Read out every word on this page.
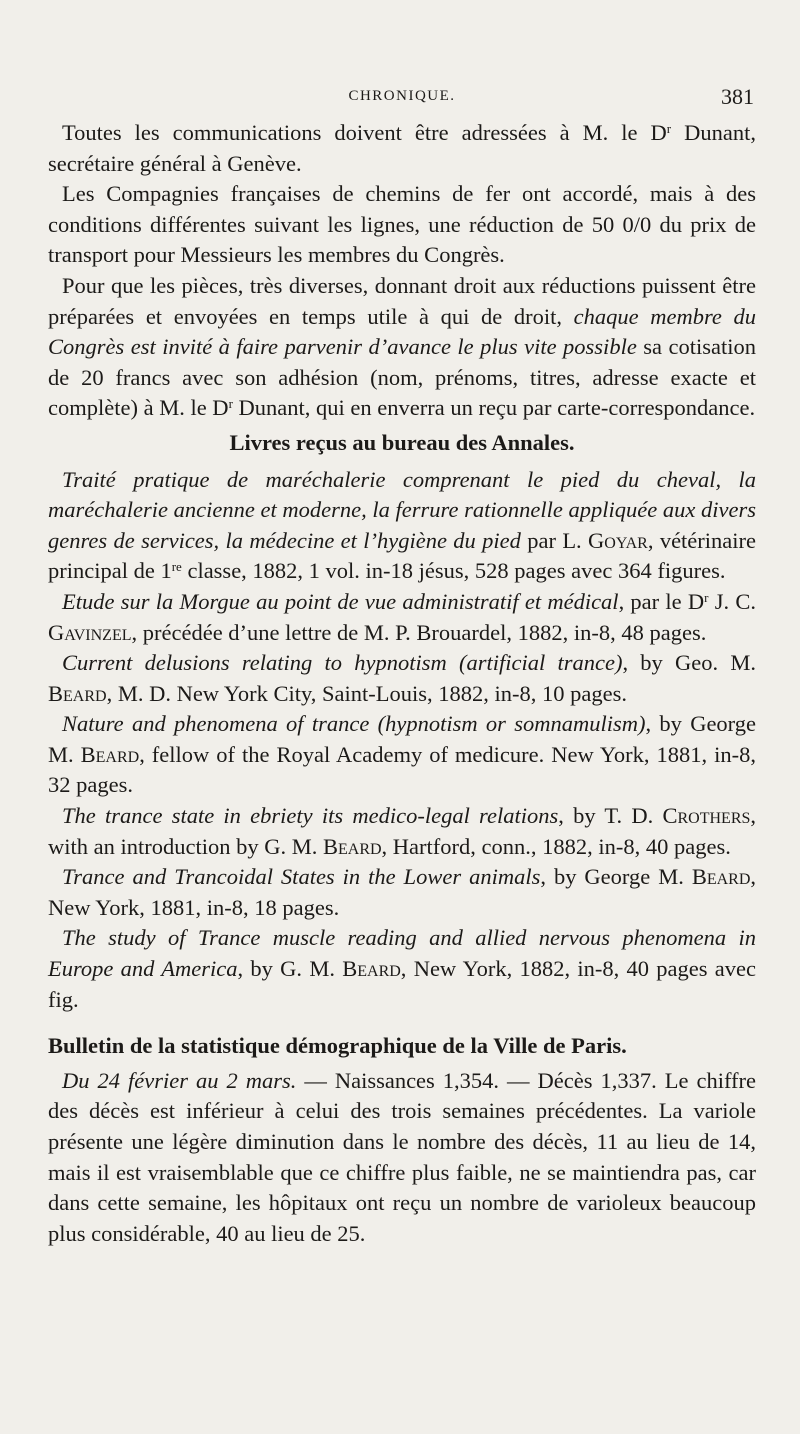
CHRONIQUE.	381

Toutes les communications doivent être adressées à M. le $D^r$ Dunant, secrétaire général à Genève.

Les Compagnies françaises de chemins de fer ont accordé, mais à des conditions différentes suivant les lignes, une réduction de 50 0/0 du prix de transport pour Messieurs les membres du Congrès.

Pour que les pièces, très diverses, donnant droit aux réductions puissent être préparées et envoyées en temps utile à qui de droit, chaque membre du Congrès est invité à faire parvenir d’avance le plus vite possible sa cotisation de 20 francs avec son adhésion (nom, prénoms, titres, adresse exacte et complète) à M. le $D^r$ Dunant, qui en enverra un reçu par carte-correspondance.

Livres reçus au bureau des Annales.

Traité pratique de maréchalerie comprenant le pied du cheval, la maréchalerie ancienne et moderne, la ferrure rationnelle appliquée aux divers genres de services, la médecine et l’hygiène du pied par L. Goyar, vétérinaire principal de 1re classe, 1882, 1 vol. in-18 jésus, 528 pages avec 364 figures.

Etude sur la Morgue au point de vue administratif et médical, par le $D^r$ J. C. Gavinzel, précédée d’une lettre de M. P. Brouardel, 1882, in-8, 48 pages.

Current delusions relating to hypnotism (artificial trance), by Geo. M. Beard, M. D. New York City, Saint-Louis, 1882, in-8, 10 pages.

Nature and phenomena of trance (hypnotism or somnamulism), by George M. Beard, fellow of the Royal Academy of medicure. New York, 1881, in-8, 32 pages.

The trance state in ebriety its medico-legal relations, by T. D. Crothers, with an introduction by G. M. Beard, Hartford, conn., 1882, in-8, 40 pages.

Trance and Trancoidal States in the Lower animals, by George M. Beard, New York, 1881, in-8, 18 pages.

The study of Trance muscle reading and allied nervous phenomena in Europe and America, by G. M. Beard, New York, 1882, in-8, 40 pages avec fig.

Bulletin de la statistique démographique de la Ville de Paris.

Du 24 février au 2 mars. — Naissances 1,354. — Décès 1,337. Le chiffre des décès est inférieur à celui des trois semaines précédentes. La variole présente une légère diminution dans le nombre des décès, 11 au lieu de 14, mais il est vraisemblable que ce chiffre plus faible, ne se maintiendra pas, car dans cette semaine, les hôpitaux ont reçu un nombre de varioleux beaucoup plus considérable, 40 au lieu de 25.
